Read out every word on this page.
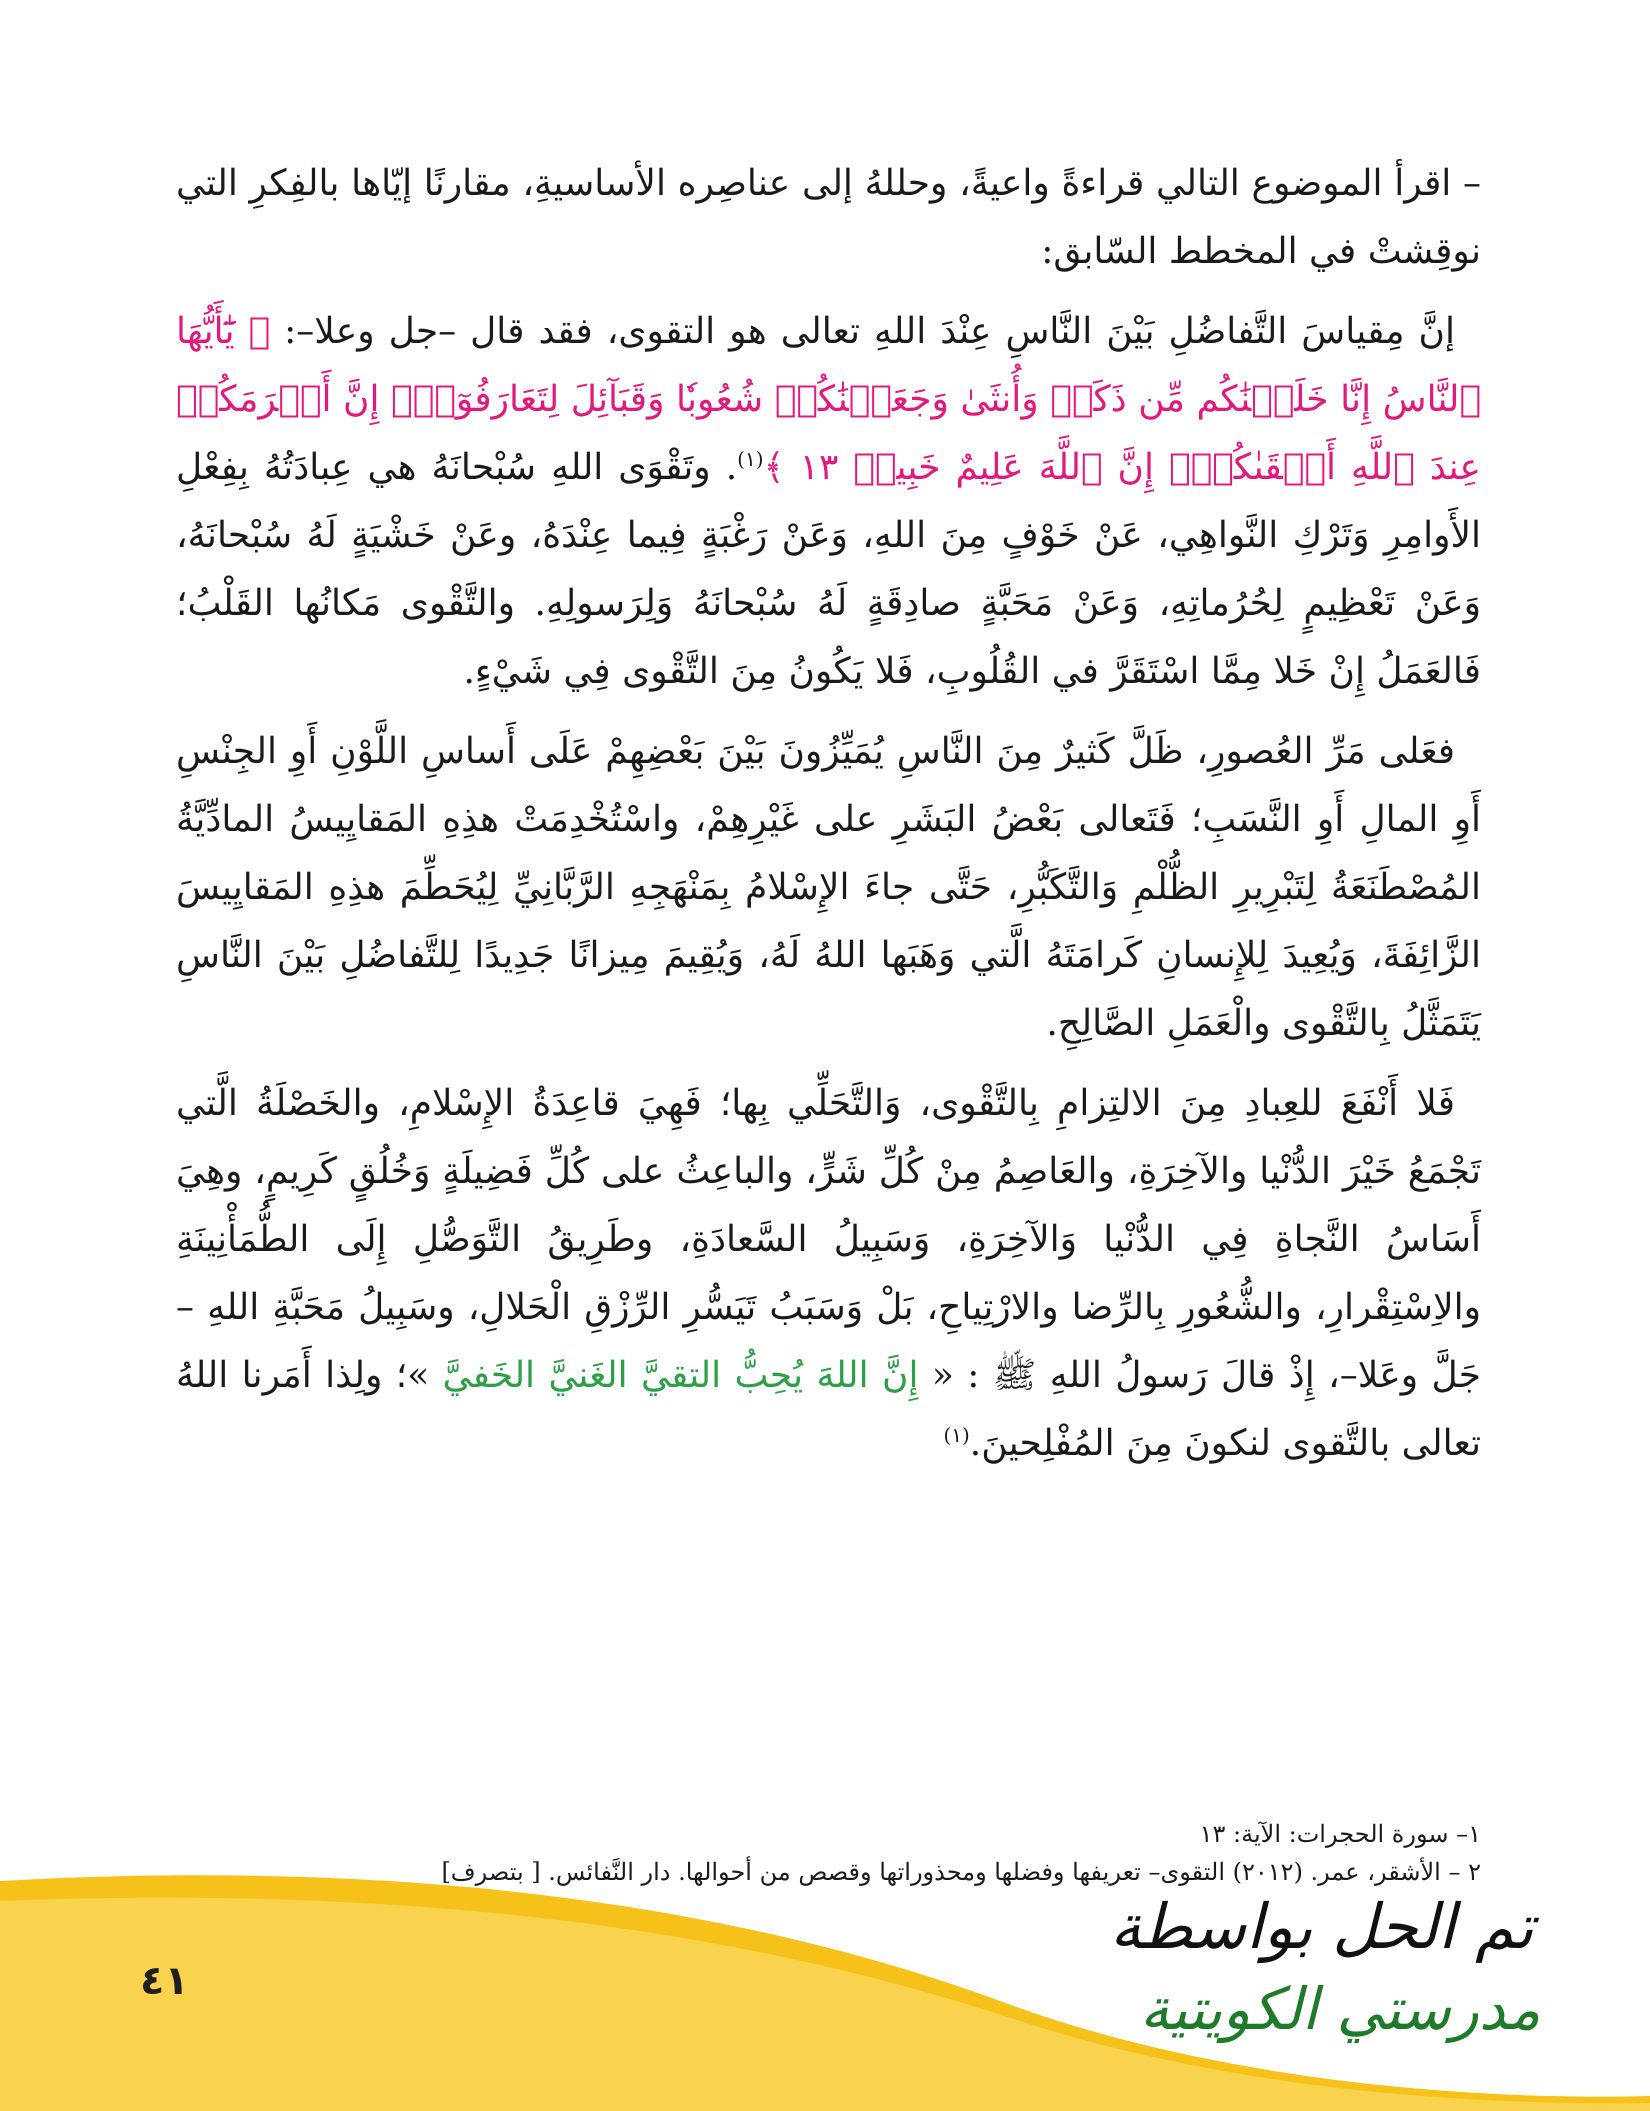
– اقرأ الموضوع التالي قراءةً واعيةً، وحللهُ إلى عناصِره الأساسيةِ، مقارنًا إيّاها بالفِكرِ التي نوقِشتْ في المخطط السّابق:

إنَّ مِقياسَ التَّفاضُلِ بَيْنَ النَّاسِ عِنْدَ اللهِ تعالى هو التقوى، فقد قال –جل وعلا–: ﴿ يَٰٓأَيُّهَا ٱلنَّاسُ إِنَّا خَلَقۡنَٰكُم مِّن ذَكَرٖ وَأُنثَىٰ وَجَعَلۡنَٰكُمۡ شُعُوبٗا وَقَبَآئِلَ لِتَعَارَفُوٓاْۚ إِنَّ أَكۡرَمَكُمۡ عِندَ ٱللَّهِ أَتۡقَىٰكُمۡۚ إِنَّ ٱللَّهَ عَلِيمٌ خَبِيرٞ ١٣ ﴾$^{(١)}$. وتَقْوَى اللهِ سُبْحانَهُ هي عِبادَتُهُ بِفِعْلِ الأَوامِرِ وَتَرْكِ النَّواهِي، عَنْ خَوْفٍ مِنَ اللهِ، وَعَنْ رَغْبَةٍ فِيما عِنْدَهُ، وعَنْ خَشْيَةٍ لَهُ سُبْحانَهُ، وَعَنْ تَعْظِيمٍ لِحُرُماتِهِ، وَعَنْ مَحَبَّةٍ صادِقَةٍ لَهُ سُبْحانَهُ وَلِرَسولِهِ. والتَّقْوى مَكانُها القَلْبُ؛ فَالعَمَلُ إِنْ خَلا مِمَّا اسْتَقَرَّ في القُلُوبِ، فَلا يَكُونُ مِنَ التَّقْوى فِي شَيْءٍ.

فعَلى مَرِّ العُصورِ، ظَلَّ كَثيرٌ مِنَ النَّاسِ يُمَيِّزُونَ بَيْنَ بَعْضِهِمْ عَلَى أَساسِ اللَّوْنِ أَوِ الجِنْسِ أَوِ المالِ أَوِ النَّسَبِ؛ فَتَعالى بَعْضُ البَشَرِ على غَيْرِهِمْ، واسْتُخْدِمَتْ هذِهِ المَقايِيسُ المادِّيَّةُ المُصْطَنَعَةُ لِتَبْرِيرِ الظُّلْمِ وَالتَّكَبُّرِ، حَتَّى جاءَ الإِسْلامُ بِمَنْهَجِهِ الرَّبَّانِيِّ لِيُحَطِّمَ هذِهِ المَقايِيسَ الزَّائِفَةَ، وَيُعِيدَ لِلإِنسانِ كَرامَتَهُ الَّتي وَهَبَها اللهُ لَهُ، وَيُقِيمَ مِيزانًا جَدِيدًا لِلتَّفاضُلِ بَيْنَ النَّاسِ يَتَمَثَّلُ بِالتَّقْوى والْعَمَلِ الصَّالِحِ.

فَلا أَنْفَعَ للعِبادِ مِنَ الالتِزامِ بِالتَّقْوى، وَالتَّحَلِّي بِها؛ فَهِيَ قاعِدَةُ الإِسْلامِ، والخَصْلَةُ الَّتي تَجْمَعُ خَيْرَ الدُّنْيا والآخِرَةِ، والعَاصِمُ مِنْ كُلِّ شَرٍّ، والباعِثُ على كُلِّ فَضِيلَةٍ وَخُلُقٍ كَرِيمٍ، وهِيَ أَسَاسُ النَّجاةِ فِي الدُّنْيا وَالآخِرَةِ، وَسَبِيلُ السَّعادَةِ، وطَرِيقُ التَّوَصُّلِ إِلَى الطُّمَأْنِينَةِ والاِسْتِقْرارِ، والشُّعُورِ بِالرِّضا والارْتِياحِ، بَلْ وَسَبَبُ تَيَسُّرِ الرِّزْقِ الْحَلالِ، وسَبِيلُ مَحَبَّةِ اللهِ –جَلَّ وعَلا–، إِذْ قالَ رَسولُ اللهِ ﷺ : « إِنَّ اللهَ يُحِبُّ التقيَّ الغَنيَّ الخَفيَّ »؛ ولِذا أَمَرنا اللهُ تعالى بالتَّقوى لنكونَ مِنَ المُفْلِحينَ.$^{(١)}$

١– سورة الحجرات: الآية: ١٣

٢ – الأشقر، عمر. (٢٠١٢) التقوى– تعريفها وفضلها ومحذوراتها وقصص من أحوالها. دار النَّفائس. [ بتصرف]

٤١
تم الحل بواسطة
مدرستي الكويتية
